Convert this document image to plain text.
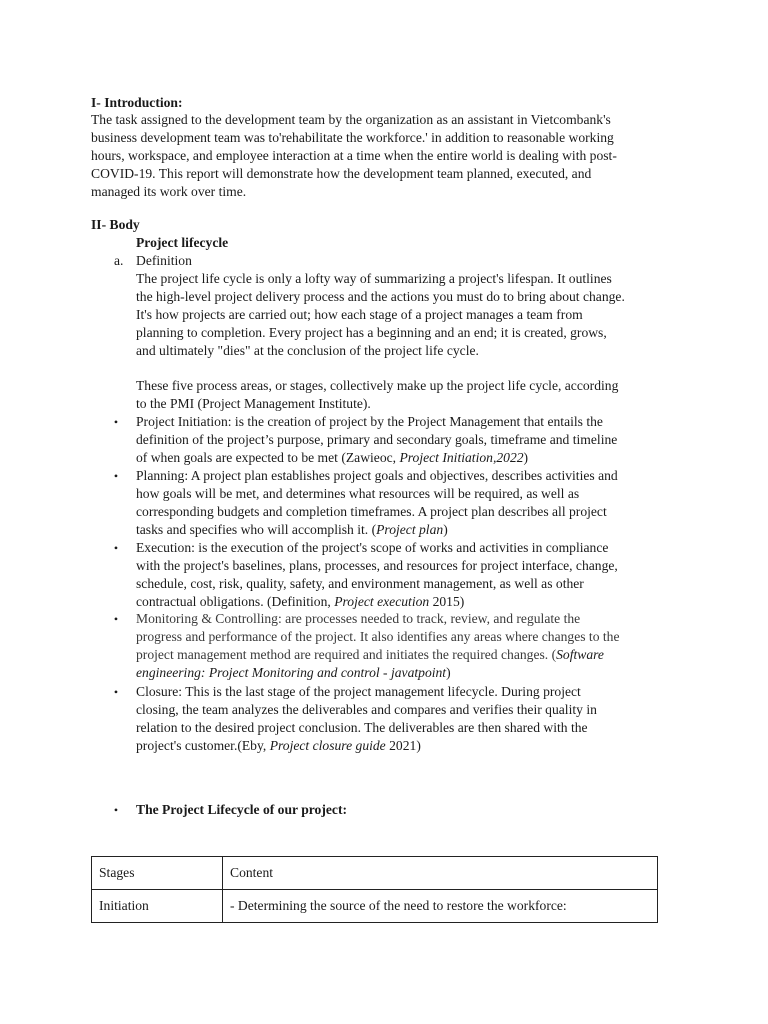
I- Introduction:
The task assigned to the development team by the organization as an assistant in Vietcombank's
business development team was to'rehabilitate the workforce.' in addition to reasonable working
hours, workspace, and employee interaction at a time when the entire world is dealing with post-
COVID-19. This report will demonstrate how the development team planned, executed, and
managed its work over time.
II- Body
Project lifecycle
a. Definition
The project life cycle is only a lofty way of summarizing a project's lifespan. It outlines
the high-level project delivery process and the actions you must do to bring about change.
It's how projects are carried out; how each stage of a project manages a team from
planning to completion. Every project has a beginning and an end; it is created, grows,
and ultimately "dies" at the conclusion of the project life cycle.
These five process areas, or stages, collectively make up the project life cycle, according
to the PMI (Project Management Institute).
• Project Initiation: is the creation of project by the Project Management that entails the
definition of the project’s purpose, primary and secondary goals, timeframe and timeline
of when goals are expected to be met (Zawieoc, Project Initiation,2022)
• Planning: A project plan establishes project goals and objectives, describes activities and
how goals will be met, and determines what resources will be required, as well as
corresponding budgets and completion timeframes. A project plan describes all project
tasks and specifies who will accomplish it. (Project plan)
• Execution: is the execution of the project's scope of works and activities in compliance
with the project's baselines, plans, processes, and resources for project interface, change,
schedule, cost, risk, quality, safety, and environment management, as well as other
contractual obligations. (Definition, Project execution 2015)
• Monitoring & Controlling: are processes needed to track, review, and regulate the
progress and performance of the project. It also identifies any areas where changes to the
project management method are required and initiates the required changes. (Software
engineering: Project Monitoring and control - javatpoint)
• Closure: This is the last stage of the project management lifecycle. During project
closing, the team analyzes the deliverables and compares and verifies their quality in
relation to the desired project conclusion. The deliverables are then shared with the
project's customer.(Eby, Project closure guide 2021)
• The Project Lifecycle of our project:
Stages	Content
Initiation	- Determining the source of the need to restore the workforce:
